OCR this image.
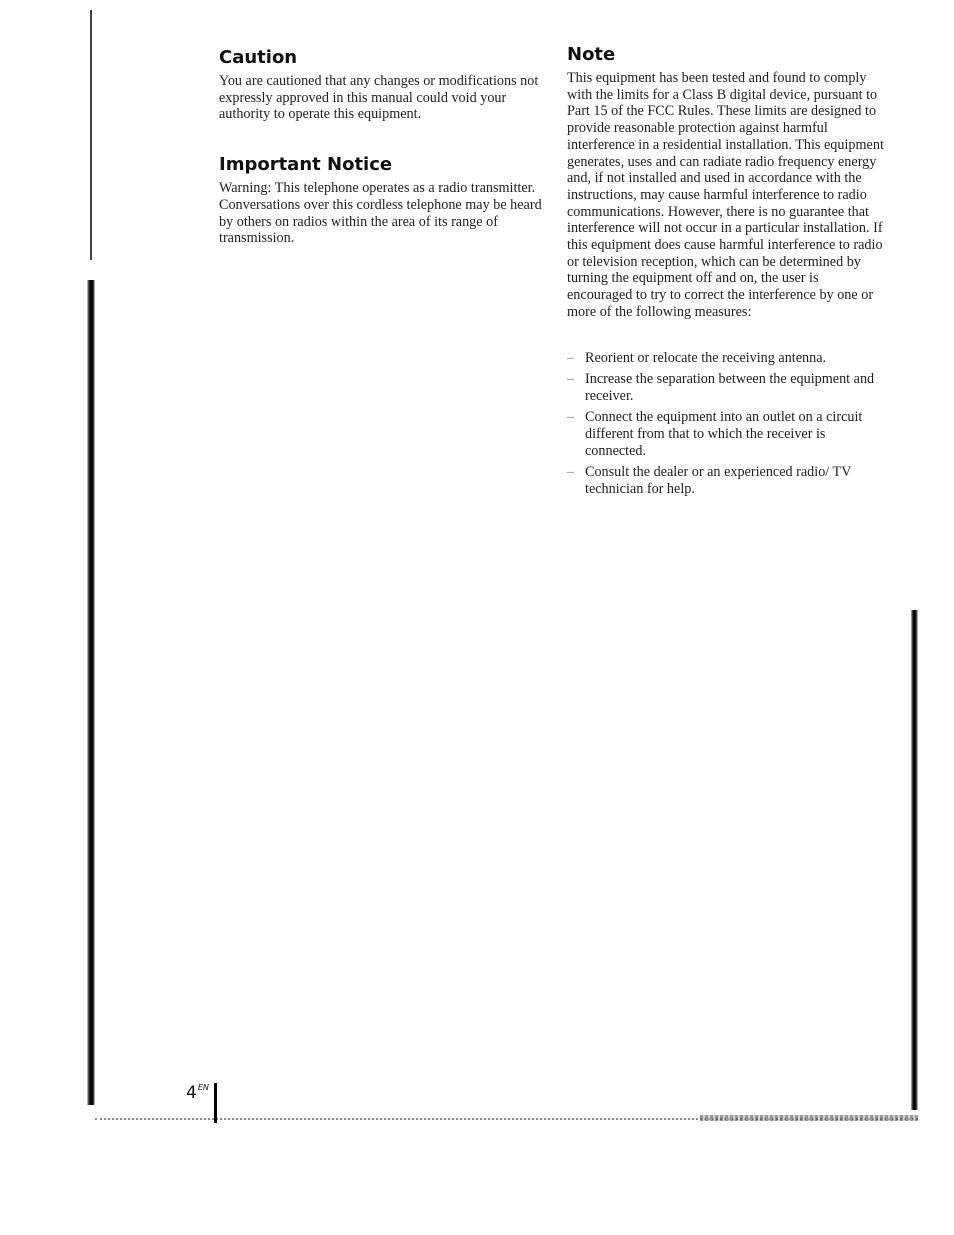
Caution

You are cautioned that any changes or modifications not expressly approved in this manual could void your authority to operate this equipment.

Important Notice

Warning: This telephone operates as a radio transmitter. Conversations over this cordless telephone may be heard by others on radios within the area of its range of transmission.

Note

This equipment has been tested and found to comply with the limits for a Class B digital device, pursuant to Part 15 of the FCC Rules. These limits are designed to provide reasonable protection against harmful interference in a residential installation. This equipment generates, uses and can radiate radio frequency energy and, if not installed and used in accordance with the instructions, may cause harmful interference to radio communications. However, there is no guarantee that interference will not occur in a particular installation. If this equipment does cause harmful interference to radio or television reception, which can be determined by turning the equipment off and on, the user is encouraged to try to correct the interference by one or more of the following measures:

– Reorient or relocate the receiving antenna.
– Increase the separation between the equipment and receiver.
– Connect the equipment into an outlet on a circuit different from that to which the receiver is connected.
– Consult the dealer or an experienced radio/ TV technician for help.
$4^{EN}$
